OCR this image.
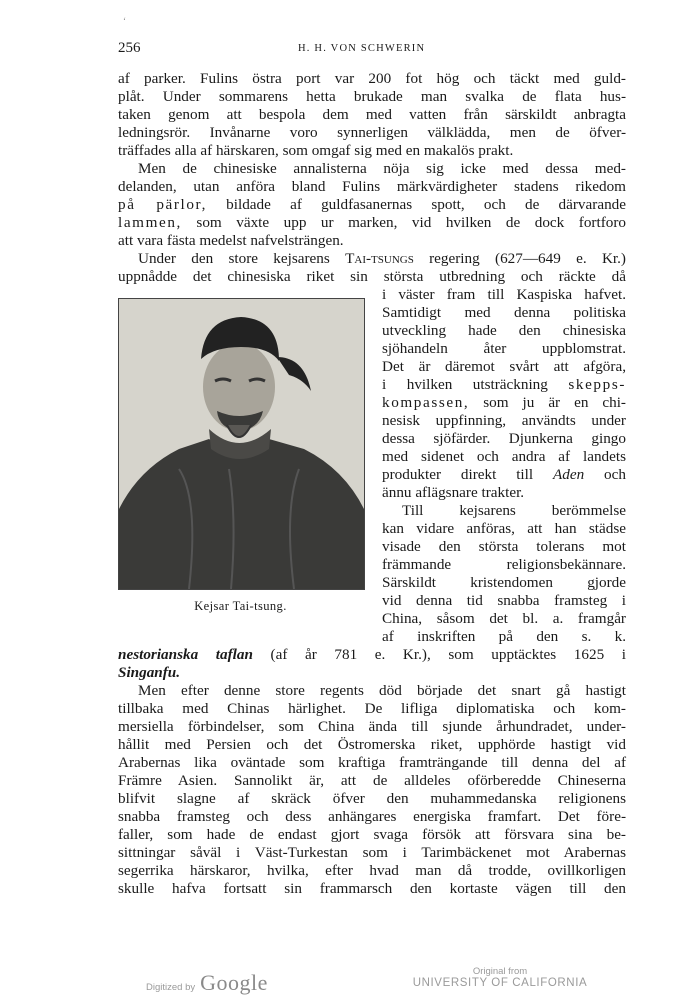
‘
256	H. H. VON SCHWERIN
af parker. Fulins östra port var 200 fot hög och täckt med guld-
plåt. Under sommarens hetta brukade man svalka de flata hus-
taken genom att bespola dem med vatten från särskildt anbragta
ledningsrör. Invånarne voro synnerligen välklädda, men de öfver-
träffades alla af härskaren, som omgaf sig med en makalös prakt.
Men de chinesiske annalisterna nöja sig icke med dessa med-
delanden, utan anföra bland Fulins märkvärdigheter stadens rikedom
på pärlor, bildade af guldfasanernas spott, och de därvarande
lammen, som växte upp ur marken, vid hvilken de dock fortforo
att vara fästa medelst nafvelsträngen.
Under den store kejsarens Tai-tsungs regering (627—649 e. Kr.)
uppnådde det chinesiska riket sin största utbredning och räckte då
Kejsar Tai-tsung.
i väster fram till Kaspiska hafvet.
Samtidigt med denna politiska
utveckling hade den chinesiska
sjöhandeln åter uppblomstrat.
Det är däremot svårt att afgöra,
i hvilken utsträckning skepps-
kompassen, som ju är en chi-
nesisk uppfinning, användts under
dessa sjöfärder. Djunkerna gingo
med sidenet och andra af landets
produkter direkt till Aden och
ännu aflägsnare trakter.
Till kejsarens berömmelse
kan vidare anföras, att han städse
visade den största tolerans mot
främmande religionsbekännare.
Särskildt kristendomen gjorde
vid denna tid snabba framsteg i
China, såsom det bl. a. framgår
af inskriften på den s. k.
nestorianska taflan (af år 781 e. Kr.), som upptäcktes 1625 i
Singanfu.
Men efter denne store regents död började det snart gå hastigt
tillbaka med Chinas härlighet. De lifliga diplomatiska och kom-
mersiella förbindelser, som China ända till sjunde århundradet, under-
hållit med Persien och det Östromerska riket, upphörde hastigt vid
Arabernas lika oväntade som kraftiga framträngande till denna del af
Främre Asien. Sannolikt är, att de alldeles oförberedde Chineserna
blifvit slagne af skräck öfver den muhammedanska religionens
snabba framsteg och dess anhängares energiska framfart. Det före-
faller, som hade de endast gjort svaga försök att försvara sina be-
sittningar såväl i Väst-Turkestan som i Tarimbäckenet mot Arabernas
segerrika härskaror, hvilka, efter hvad man då trodde, ovillkorligen
skulle hafva fortsatt sin frammarsch den kortaste vägen till den
Digitized by Google	Original from
UNIVERSITY OF CALIFORNIA
